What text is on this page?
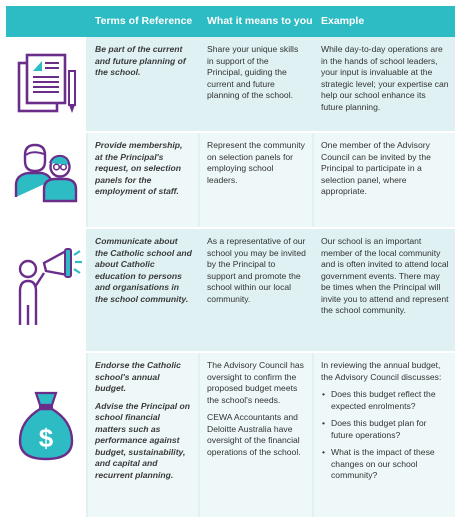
Terms of Reference	What it means to you Example
Be part of the current and future planning of the school.
Share your unique skills in support of the Principal, guiding the current and future planning of the school.
While day-to-day operations are in the hands of school leaders, your input is invaluable at the strategic level; your expertise can help our school enhance its future planning.
Provide membership, at the Principal's request, on selection panels for the employment of staff.
Represent the community on selection panels for employing school leaders.
One member of the Advisory Council can be invited by the Principal to participate in a selection panel, where appropriate.
Communicate about the Catholic school and about Catholic education to persons and organisations in the school community.
As a representative of our school you may be invited by the Principal to support and promote the school within our local community.
Our school is an important member of the local community and is often invited to attend local government events. There may be times when the Principal will invite you to attend and represent the school community.
$
Endorse the Catholic school's annual budget.
Advise the Principal on school financial matters such as performance against budget, sustainability, and capital and recurrent planning.
The Advisory Council has oversight to confirm the proposed budget meets the school's needs.
CEWA Accountants and Deloitte Australia have oversight of the financial operations of the school.
In reviewing the annual budget, the Advisory Council discusses:
• Does this budget reflect the expected enrolments?
• Does this budget plan for future operations?
• What is the impact of these changes on our school community?
